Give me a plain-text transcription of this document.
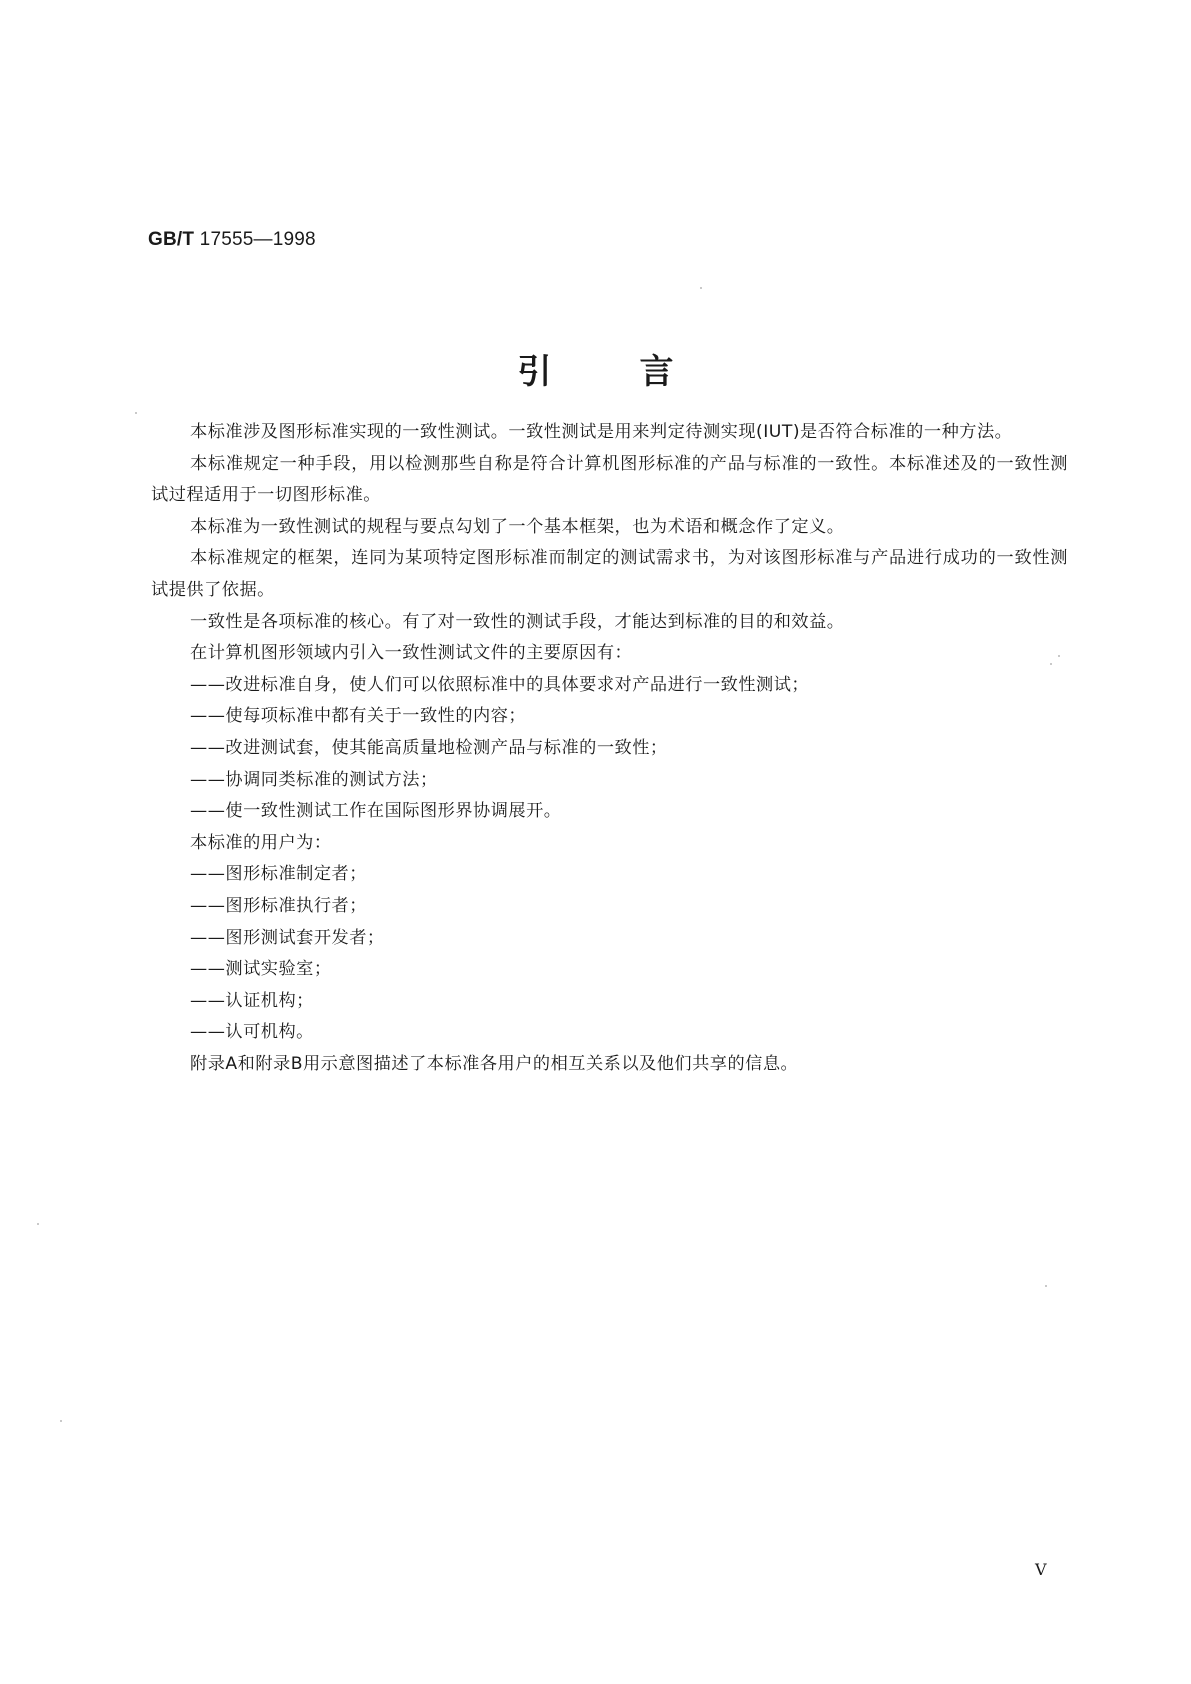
GB/T 17555—1998
引言

本标准涉及图形标准实现的一致性测试。一致性测试是用来判定待测实现(IUT)是否符合标准的一种方法。

本标准规定一种手段，用以检测那些自称是符合计算机图形标准的产品与标准的一致性。本标准述及的一致性测试过程适用于一切图形标准。

本标准为一致性测试的规程与要点勾划了一个基本框架，也为术语和概念作了定义。

本标准规定的框架，连同为某项特定图形标准而制定的测试需求书，为对该图形标准与产品进行成功的一致性测试提供了依据。

一致性是各项标准的核心。有了对一致性的测试手段，才能达到标准的目的和效益。

在计算机图形领域内引入一致性测试文件的主要原因有：

——改进标准自身，使人们可以依照标准中的具体要求对产品进行一致性测试；

——使每项标准中都有关于一致性的内容；

——改进测试套，使其能高质量地检测产品与标准的一致性；

——协调同类标准的测试方法；

——使一致性测试工作在国际图形界协调展开。

本标准的用户为：

——图形标准制定者；

——图形标准执行者；

——图形测试套开发者；

——测试实验室；

——认证机构；

——认可机构。

附录A和附录B用示意图描述了本标准各用户的相互关系以及他们共享的信息。

V
